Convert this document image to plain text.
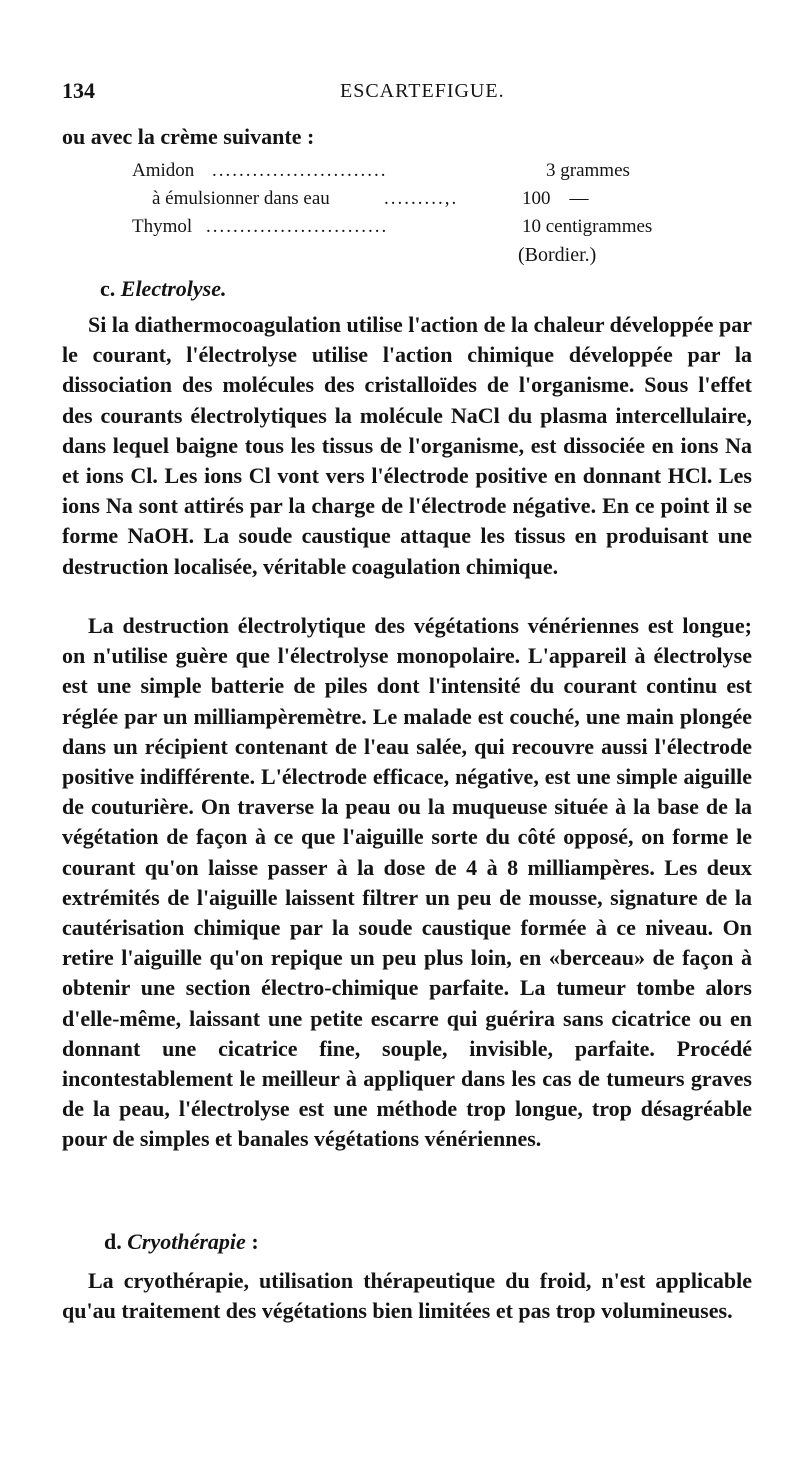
134	ESCARTEFIGUE.
ou avec la crème suivante :
Amidon ..........................	3 grammes
à émulsionner dans eau	.........,.	100    —
Thymol ...........................	10 centigrammes
(Bordier.)
c. Electrolyse.

Si la diathermocoagulation utilise l'action de la chaleur développée par le courant, l'électrolyse utilise l'action chimique développée par la dissociation des molécules des cristalloïdes de l'organisme. Sous l'effet des courants électrolytiques la molécule NaCl du plasma intercellulaire, dans lequel baigne tous les tissus de l'organisme, est dissociée en ions Na et ions Cl. Les ions Cl vont vers l'électrode positive en donnant HCl. Les ions Na sont attirés par la charge de l'électrode négative. En ce point il se forme NaOH. La soude caustique attaque les tissus en produisant une destruction localisée, véritable coagulation chimique.

La destruction électrolytique des végétations vénériennes est longue; on n'utilise guère que l'électrolyse monopolaire. L'appareil à électrolyse est une simple batterie de piles dont l'intensité du courant continu est réglée par un milliampèremètre. Le malade est couché, une main plongée dans un récipient contenant de l'eau salée, qui recouvre aussi l'électrode positive indifférente. L'électrode efficace, négative, est une simple aiguille de couturière. On traverse la peau ou la muqueuse située à la base de la végétation de façon à ce que l'aiguille sorte du côté opposé, on forme le courant qu'on laisse passer à la dose de 4 à 8 milliampères. Les deux extrémités de l'aiguille laissent filtrer un peu de mousse, signature de la cautérisation chimique par la soude caustique formée à ce niveau. On retire l'aiguille qu'on repique un peu plus loin, en «berceau» de façon à obtenir une section électro-chimique parfaite. La tumeur tombe alors d'elle-même, laissant une petite escarre qui guérira sans cicatrice ou en donnant une cicatrice fine, souple, invisible, parfaite. Procédé incontestablement le meilleur à appliquer dans les cas de tumeurs graves de la peau, l'électrolyse est une méthode trop longue, trop désagréable pour de simples et banales végétations vénériennes.

d. Cryothérapie :

La cryothérapie, utilisation thérapeutique du froid, n'est applicable qu'au traitement des végétations bien limitées et pas trop volumineuses.
